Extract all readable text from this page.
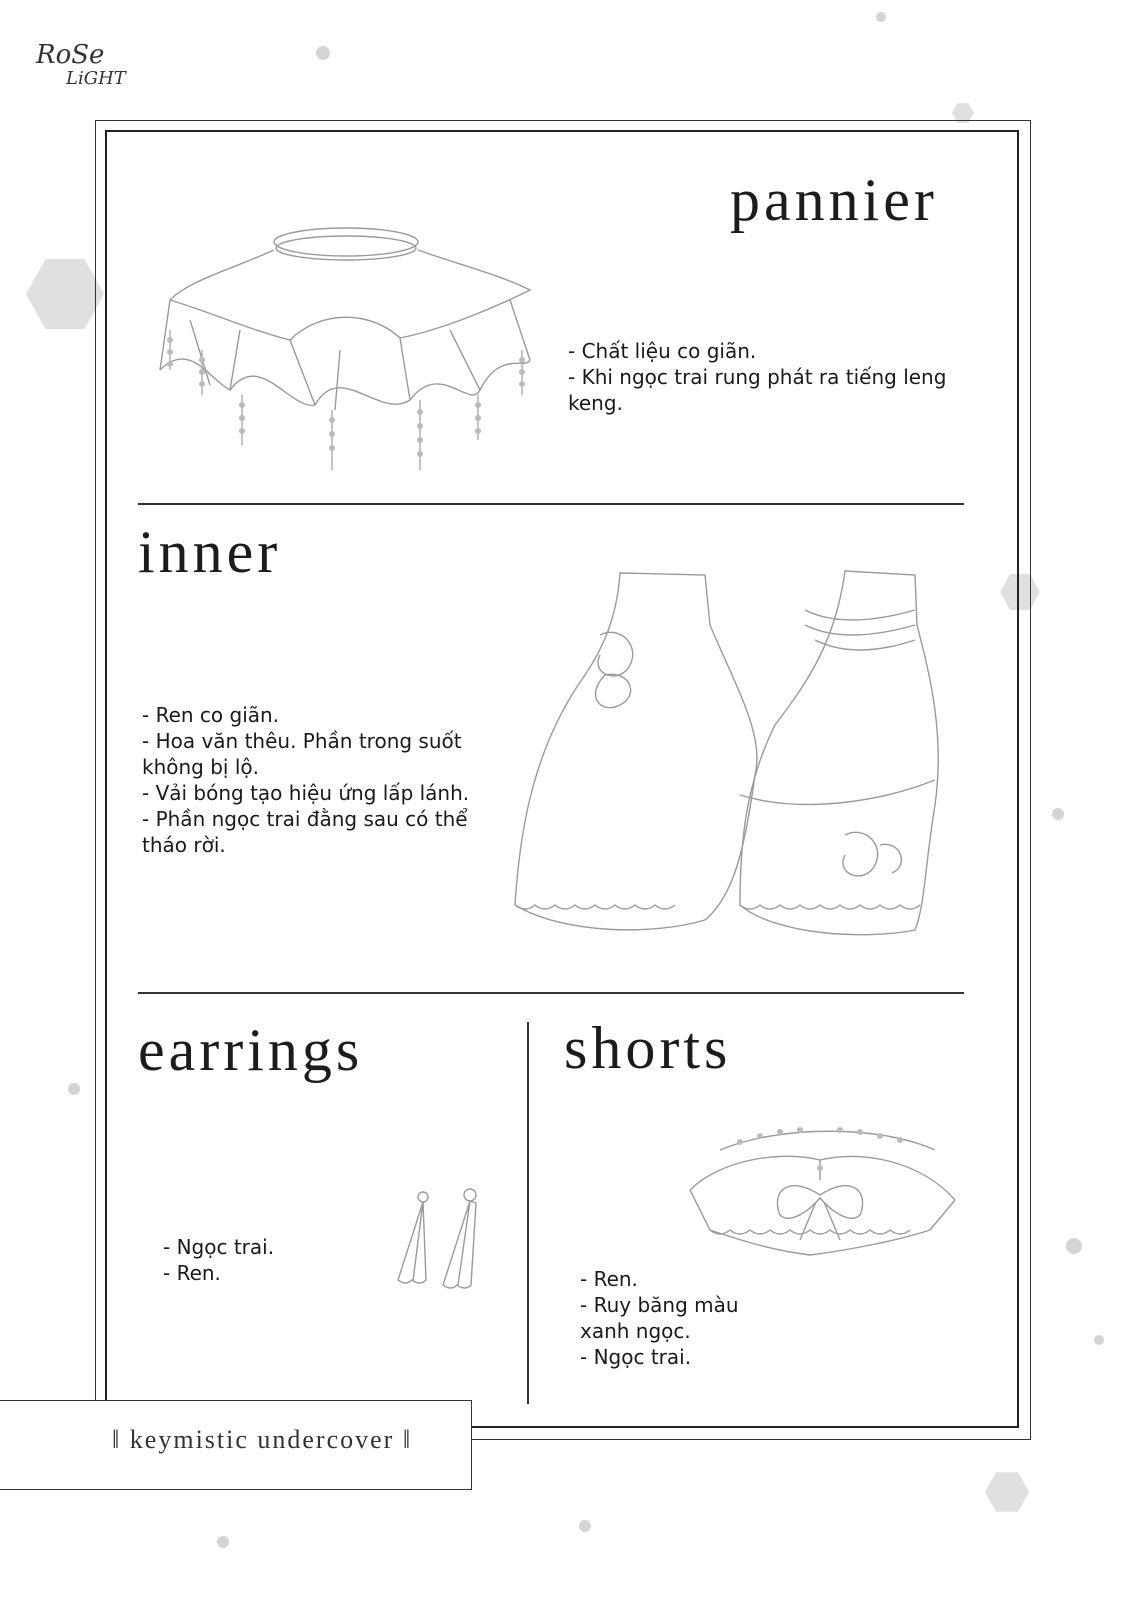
RoSe
LiGHT
pannier
- Chất liệu co giãn.
- Khi ngọc trai rung phát ra tiếng leng keng.
inner
- Ren co giãn.
- Hoa văn thêu. Phần trong suốt không bị lộ.
- Vải bóng tạo hiệu ứng lấp lánh.
- Phần ngọc trai đằng sau có thể tháo rời.
earrings
- Ngọc trai.
- Ren.
shorts
- Ren.
- Ruy băng màu xanh ngọc.
- Ngọc trai.
‖ keymistic undercover ‖
